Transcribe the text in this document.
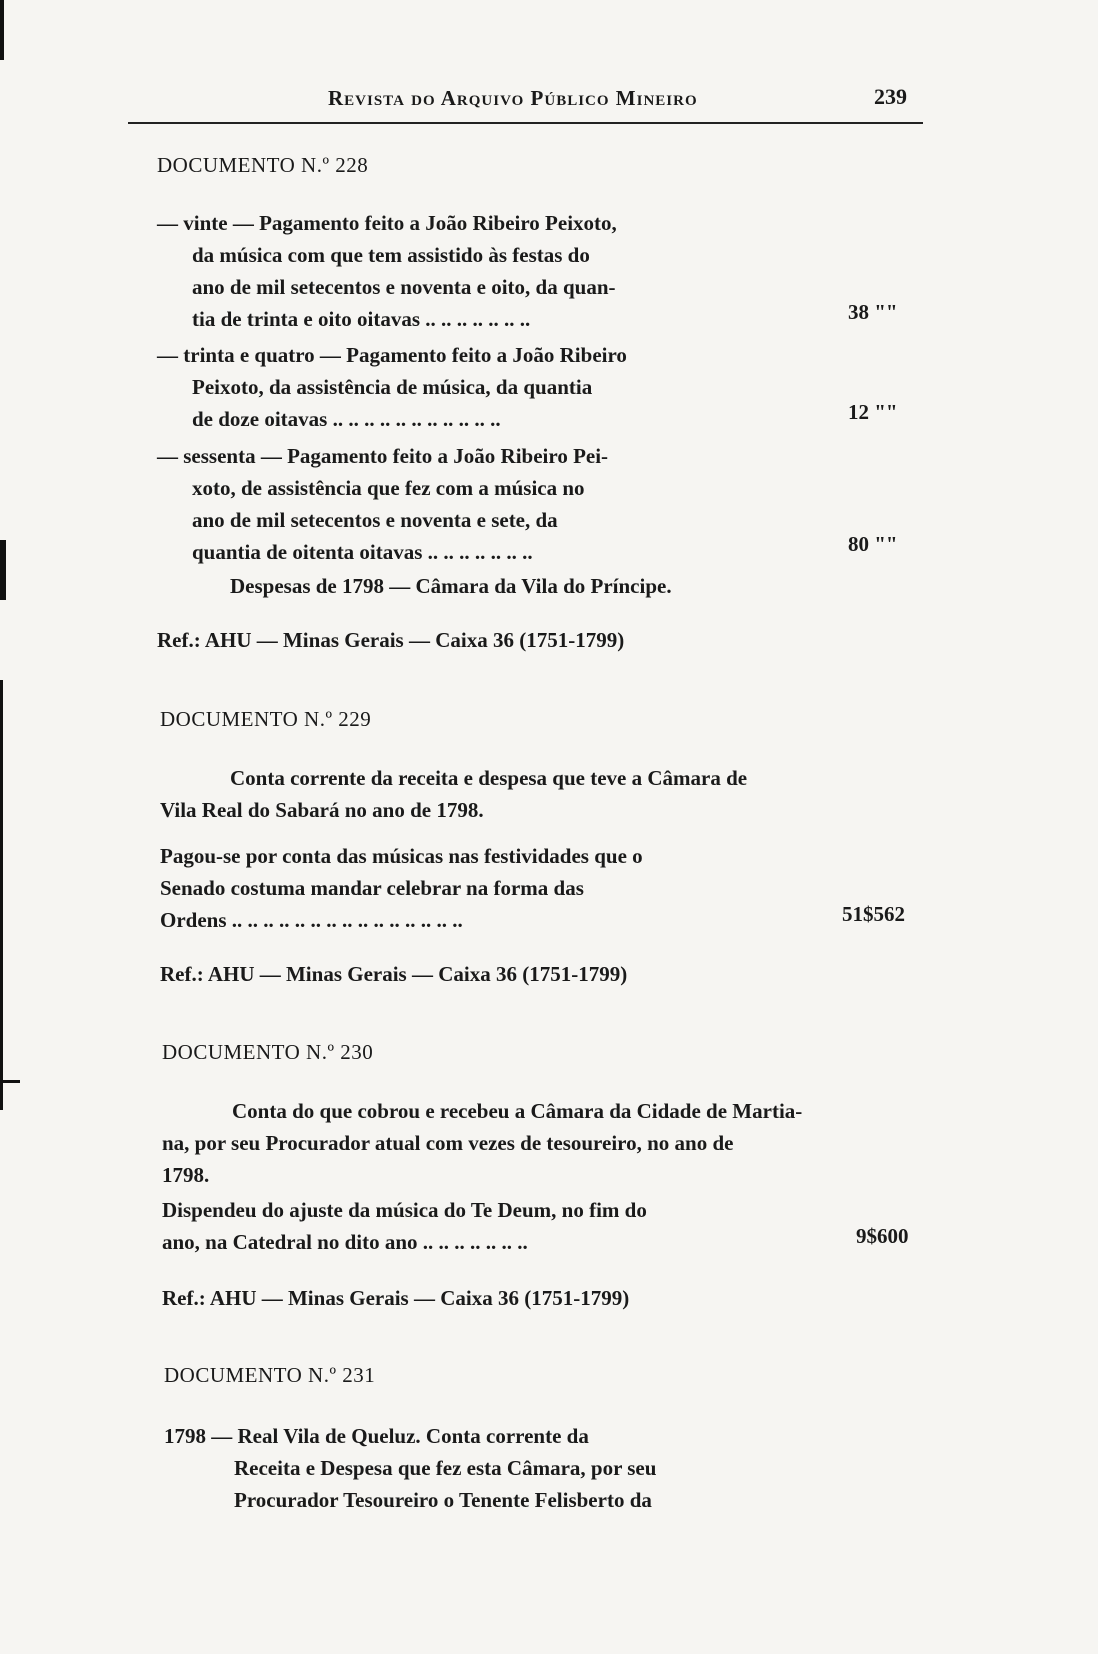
Revista do Arquivo Público Mineiro	239
DOCUMENTO N.º 228
— vinte — Pagamento feito a João Ribeiro Peixoto,
da música com que tem assistido às festas do
ano de mil setecentos e noventa e oito, da quan-
tia de trinta e oito oitavas .. .. .. .. .. .. ..	38 ""
— trinta e quatro — Pagamento feito a João Ribeiro
Peixoto, da assistência de música, da quantia
de doze oitavas .. .. .. .. .. .. .. .. .. .. ..	12 ""
— sessenta — Pagamento feito a João Ribeiro Pei-
xoto, de assistência que fez com a música no
ano de mil setecentos e noventa e sete, da
quantia de oitenta oitavas .. .. .. .. .. .. ..	80 ""
Despesas de 1798 — Câmara da Vila do Príncipe.
Ref.: AHU — Minas Gerais — Caixa 36 (1751-1799)
DOCUMENTO N.º 229
Conta corrente da receita e despesa que teve a Câmara de
Vila Real do Sabará no ano de 1798.
Pagou-se por conta das músicas nas festividades que o
Senado costuma mandar celebrar na forma das
Ordens .. .. .. .. .. .. .. .. .. .. .. .. .. .. ..	51$562
Ref.: AHU — Minas Gerais — Caixa 36 (1751-1799)
DOCUMENTO N.º 230
Conta do que cobrou e recebeu a Câmara da Cidade de Martia-
na, por seu Procurador atual com vezes de tesoureiro, no ano de
1798.
Dispendeu do ajuste da música do Te Deum, no fim do
ano, na Catedral no dito ano .. .. .. .. .. .. ..	9$600
Ref.: AHU — Minas Gerais — Caixa 36 (1751-1799)
DOCUMENTO N.º 231
1798 — Real Vila de Queluz. Conta corrente da
Receita e Despesa que fez esta Câmara, por seu
Procurador Tesoureiro o Tenente Felisberto da
